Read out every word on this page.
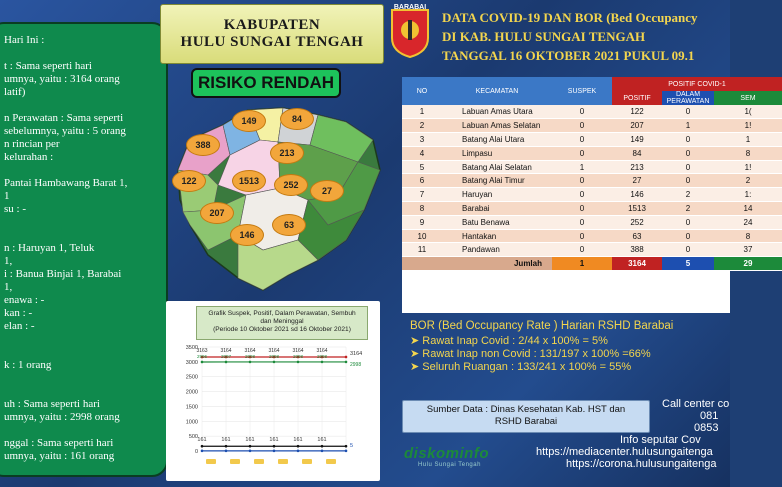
Hari Ini :

t : Sama seperti hari

umnya, yaitu : 3164 orang

latif)

n Perawatan : Sama seperti

sebelumnya, yaitu : 5 orang

n rincian per

kelurahan :

Pantai Hambawang Barat 1,

1

su : -

n : Haruyan 1, Teluk

1,

i : Banua Binjai 1, Barabai

1,

enawa : -

kan : -

elan : -

k : 1 orang

uh : Sama seperti hari

umnya, yaitu : 2998 orang

nggal : Sama seperti hari

umnya, yaitu : 161 orang

KABUPATEN
HULU SUNGAI TENGAH
RISIKO RENDAH
149	84
388
213
1513
122	252
27
207
63
146
3500
3000
2500
2000
1500
1000
500
0
3163	3164	3164	3164	3164	3164
2996	2997	2998	2998	2998	2998	3164
2998
161	161	161	161	161	161
5
Grafik Suspek, Positif, Dalam Perawatan, Sembuh
dan Meninggal
(Periode 10 Oktober 2021 sd 16 Oktober 2021)
BARABAI
DATA COVID-19 DAN BOR (Bed Occupancy
DI KAB. HULU SUNGAI TENGAH
TANGGAL 16 OKTOBER 2021 PUKUL 09.1
NO	KECAMATAN	SUSPEK	POSITIF COVID-1		
			POSITIF	DALAM PERAWATAN	SEM
1	Labuan Amas Utara	0	122	0	1(
2	Labuan Amas Selatan	0	207	1	1!
3	Batang Alai Utara	0	149	0	1
4	Limpasu	0	84	0	8
5	Batang Alai Selatan	1	213	0	1!
6	Batang Alai Timur	0	27	0	2
7	Haruyan	0	146	2	1:
8	Barabai	0	1513	2	14
9	Batu Benawa	0	252	0	24
10	Hantakan	0	63	0	8
11	Pandawan	0	388	0	37
Jumlah		1	3164	5	29
BOR (Bed Occupancy Rate ) Harian RSHD Barabai
➤ Rawat Inap Covid : 2/44 x 100% = 5%
➤ Rawat Inap non Covid : 131/197 x 100% =66%
➤ Seluruh Ruangan : 133/241 x 100% = 55%
Sumber Data : Dinas Kesehatan Kab. HST dan
RSHD Barabai
Call center co
081
0853
Info seputar Cov
https://mediacenter.hulusungaitenga
https://corona.hulusungaitenga
diskominfo
Hulu Sungai Tengah
